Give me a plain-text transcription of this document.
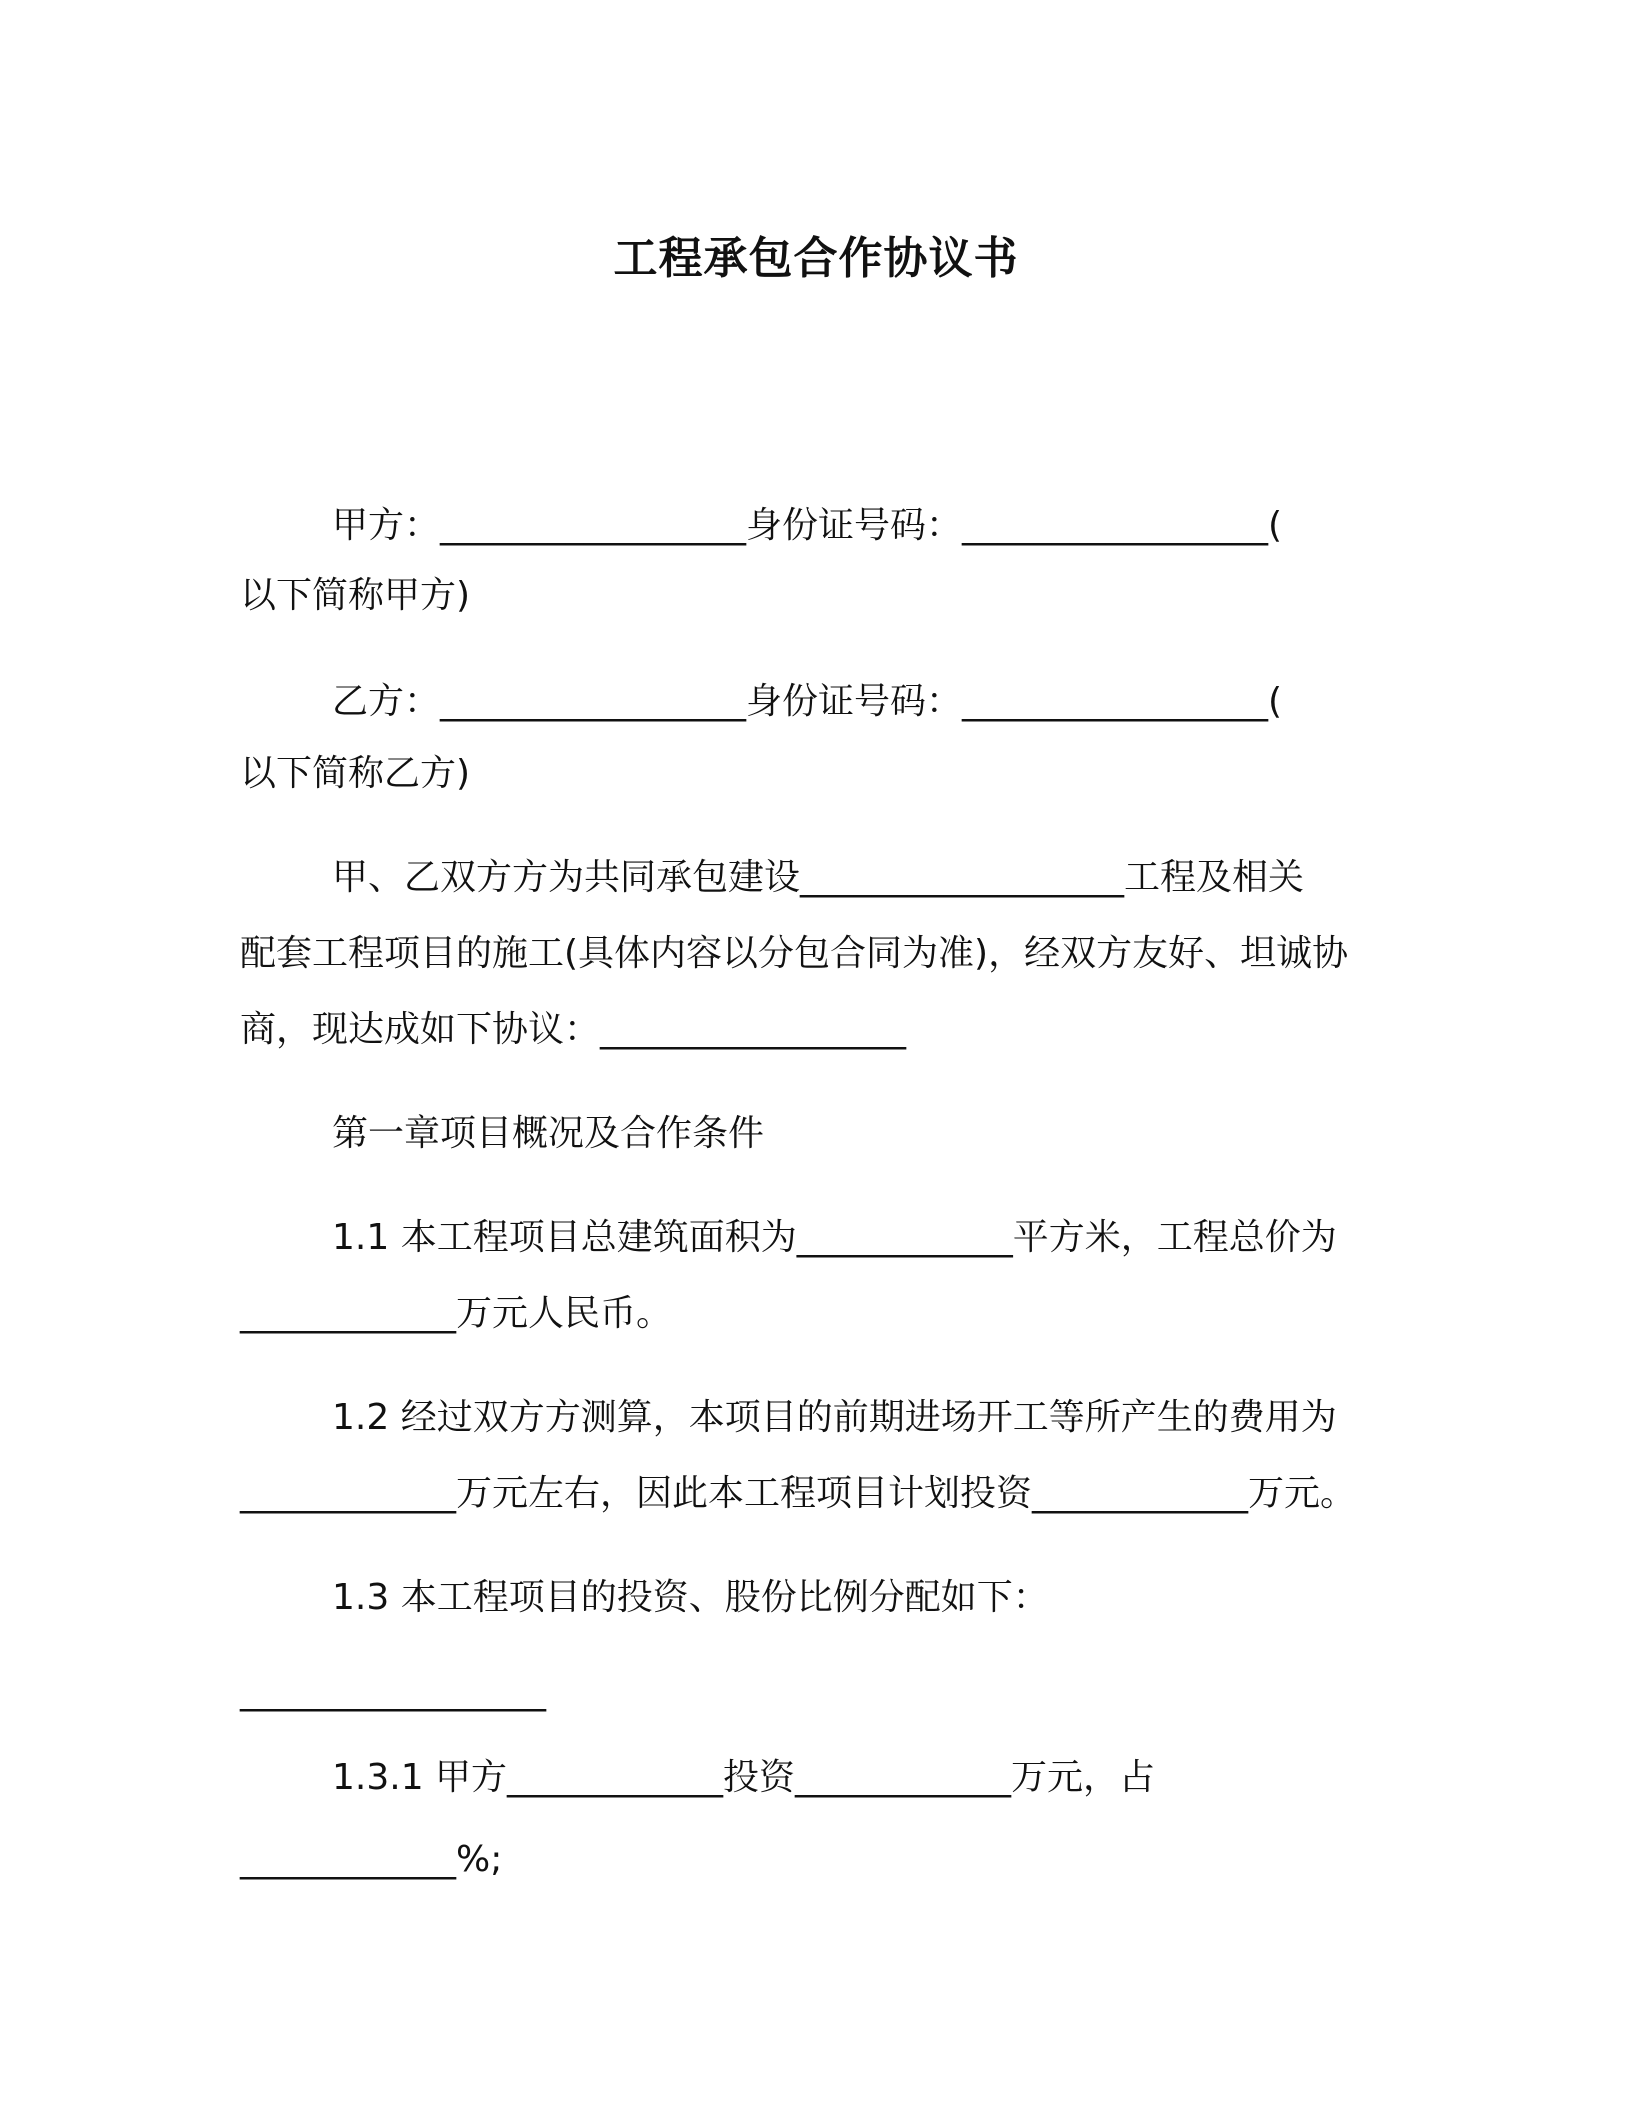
工程承包合作协议书
甲方：_________________身份证号码：_________________(
以下简称甲方)
乙方：_________________身份证号码：_________________(
以下简称乙方)
甲、乙双方方为共同承包建设__________________工程及相关
配套工程项目的施工(具体内容以分包合同为准)，经双方友好、坦诚协
商，现达成如下协议：_________________
第一章项目概况及合作条件
1.1 本工程项目总建筑面积为____________平方米，工程总价为
____________万元人民币。
1.2 经过双方方测算，本项目的前期进场开工等所产生的费用为
____________万元左右，因此本工程项目计划投资____________万元。
1.3 本工程项目的投资、股份比例分配如下：
_________________
1.3.1 甲方____________投资____________万元，占
____________%;
